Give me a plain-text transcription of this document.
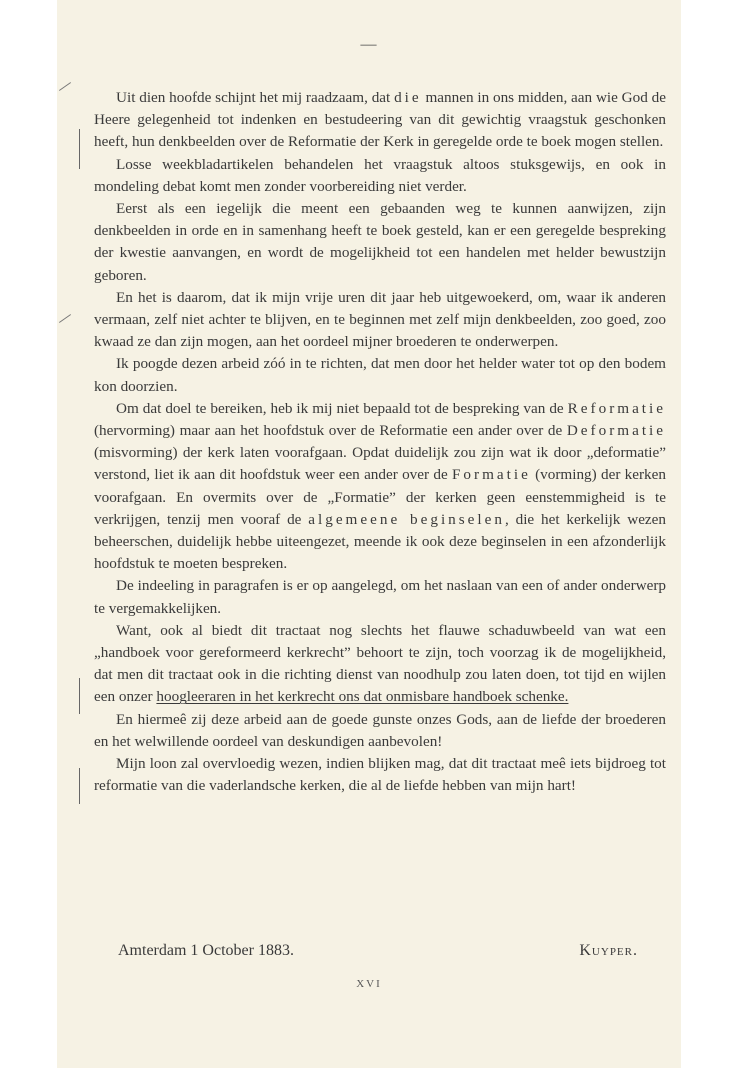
—

Uit dien hoofde schijnt het mij raadzaam, dat die mannen in ons midden, aan wie God de Heere gelegenheid tot indenken en bestudeering van dit gewichtig vraagstuk geschonken heeft, hun denkbeelden over de Reformatie der Kerk in geregelde orde te boek mogen stellen.

Losse weekbladartikelen behandelen het vraagstuk altoos stuksgewijs, en ook in mondeling debat komt men zonder voorbereiding niet verder.

Eerst als een iegelijk die meent een gebaanden weg te kunnen aanwijzen, zijn denkbeelden in orde en in samenhang heeft te boek gesteld, kan er een geregelde bespreking der kwestie aanvangen, en wordt de mogelijkheid tot een handelen met helder bewustzijn geboren.

En het is daarom, dat ik mijn vrije uren dit jaar heb uitgewoekerd, om, waar ik anderen vermaan, zelf niet achter te blijven, en te beginnen met zelf mijn denkbeelden, zoo goed, zoo kwaad ze dan zijn mogen, aan het oordeel mijner broederen te onderwerpen.

Ik poogde dezen arbeid zóó in te richten, dat men door het helder water tot op den bodem kon doorzien.

Om dat doel te bereiken, heb ik mij niet bepaald tot de bespreking van de Reformatie (hervorming) maar aan het hoofdstuk over de Reformatie een ander over de Deformatie (misvorming) der kerk laten voorafgaan. Opdat duidelijk zou zijn wat ik door „deformatie” verstond, liet ik aan dit hoofdstuk weer een ander over de Formatie (vorming) der kerken voorafgaan. En overmits over de „Formatie” der kerken geen eenstemmigheid is te verkrijgen, tenzij men vooraf de algemeene beginselen, die het kerkelijk wezen beheerschen, duidelijk hebbe uiteengezet, meende ik ook deze beginselen in een afzonderlijk hoofdstuk te moeten bespreken.

De indeeling in paragrafen is er op aangelegd, om het naslaan van een of ander onderwerp te vergemakkelijken.

Want, ook al biedt dit tractaat nog slechts het flauwe schaduwbeeld van wat een „handboek voor gereformeerd kerkrecht” behoort te zijn, toch voorzag ik de mogelijkheid, dat men dit tractaat ook in die richting dienst van noodhulp zou laten doen, tot tijd en wijlen een onzer hoogleeraren in het kerkrecht ons dat onmisbare handboek schenke.

En hiermeê zij deze arbeid aan de goede gunste onzes Gods, aan de liefde der broederen en het welwillende oordeel van deskundigen aanbevolen!

Mijn loon zal overvloedig wezen, indien blijken mag, dat dit tractaat meê iets bijdroeg tot reformatie van die vaderlandsche kerken, die al de liefde hebben van mijn hart!

Amterdam 1 October 1883.	Kuyper.
XVI
